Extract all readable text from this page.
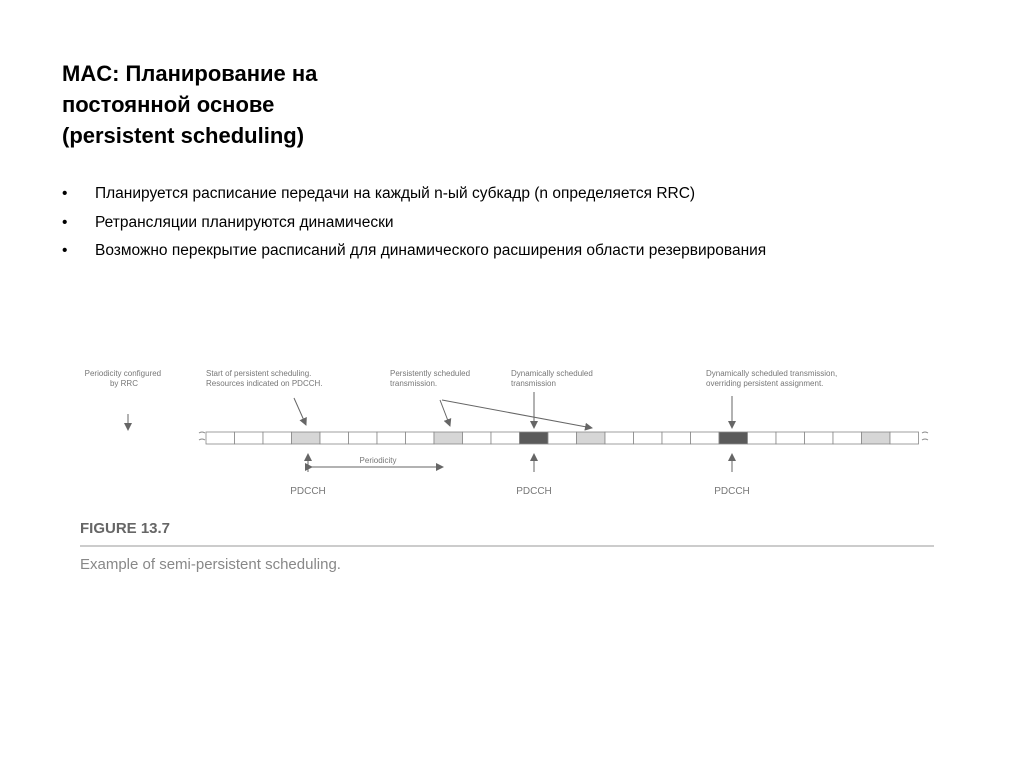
MAC: Планирование на
постоянной основе
(persistent scheduling)
• Планируется расписание передачи на каждый n-ый субкадр (n определяется RRC)
• Ретрансляции планируются динамически
• Возможно перекрытие расписаний для динамического расширения области резервирования
Periodicity configured by RRC
Start of persistent scheduling. Resources indicated on PDCCH.
Persistently scheduled transmission.
Dynamically scheduled transmission
Dynamically scheduled transmission, overriding persistent assignment.
Periodicity
PDCCH	PDCCH	PDCCH
FIGURE 13.7
Example of semi-persistent scheduling.
